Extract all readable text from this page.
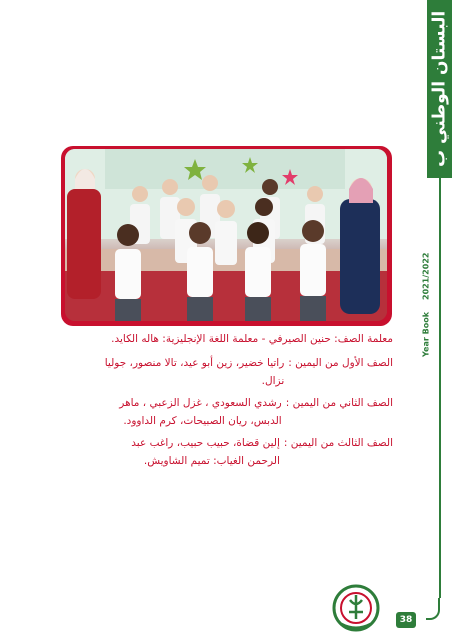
البستان الوطني ب
Year Book
2021/2022
معلمة الصف: حنين الصيرفي - معلمة اللغة الإنجليزية: هاله الكايد.
الصف الأول من اليمين :
راتيا خضير، زين أبو عيد، تالا منصور، جوليا نزال.
الصف الثاني من اليمين :
رشدي السعودي ، غزل الزعبي ، ماهر الدبس، ريان الصبيحات، كرم الداوود.
الصف الثالث من اليمين :
إلين قضاة، حبيب حبيب، راغب عبد الرحمن الغياب: تميم الشاويش.
38
